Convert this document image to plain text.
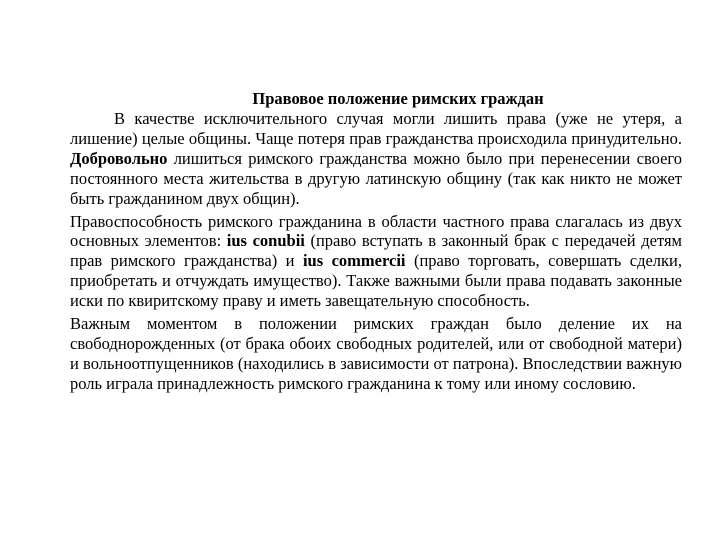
Правовое положение римских граждан

В качестве исключительного случая могли лишить права (уже не утеря, а лишение) целые общины. Чаще потеря прав гражданства происходила принудительно. Добровольно лишиться римского гражданства можно было при перенесении своего постоянного места жительства в другую латинскую общину (так как никто не может быть гражданином двух общин).

Правоспособность римского гражданина в области частного права слагалась из двух основных элементов: ius conubii (право вступать в законный брак с передачей детям прав римского гражданства) и ius commercii (право торговать, совершать сделки, приобретать и отчуждать имущество). Также важными были права подавать законные иски по квиритскому праву и иметь завещательную способность.

Важным моментом в положении римских граждан было деление их на свободнорожденных (от брака обоих свободных родителей, или от свободной матери) и вольноотпущенников (находились в зависимости от патрона). Впоследствии важную роль играла принадлежность римского гражданина к тому или иному сословию.
